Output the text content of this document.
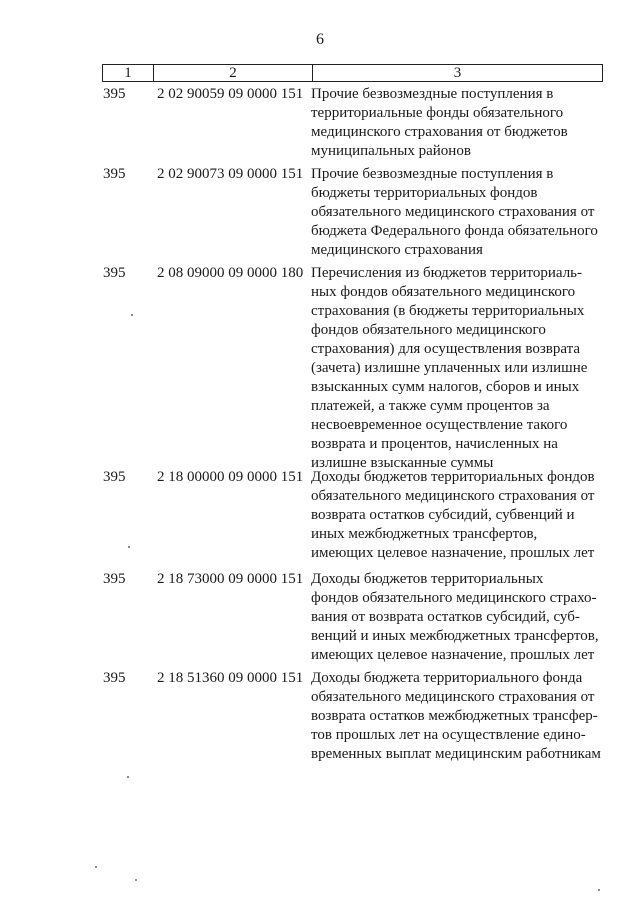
6
1	2	3
395 2 02 90059 09 0000 151 Прочие безвозмездные поступления в
территориальные фонды обязательного
медицинского страхования от бюджетов
муниципальных районов
395 2 02 90073 09 0000 151 Прочие безвозмездные поступления в
бюджеты территориальных фондов
обязательного медицинского страхования от
бюджета Федерального фонда обязательного
медицинского страхования
395 2 08 09000 09 0000 180 Перечисления из бюджетов территориаль-
ных фондов обязательного медицинского
страхования (в бюджеты территориальных
фондов обязательного медицинского
страхования) для осуществления возврата
(зачета) излишне уплаченных или излишне
взысканных сумм налогов, сборов и иных
платежей, а также сумм процентов за
несвоевременное осуществление такого
возврата и процентов, начисленных на
излишне взысканные суммы
395 2 18 00000 09 0000 151 Доходы бюджетов территориальных фондов
обязательного медицинского страхования от
возврата остатков субсидий, субвенций и
иных межбюджетных трансфертов,
имеющих целевое назначение, прошлых лет
395 2 18 73000 09 0000 151 Доходы бюджетов территориальных
фондов обязательного медицинского страхо-
вания от возврата остатков субсидий, суб-
венций и иных межбюджетных трансфертов,
имеющих целевое назначение, прошлых лет
395 2 18 51360 09 0000 151 Доходы бюджета территориального фонда
обязательного медицинского страхования от
возврата остатков межбюджетных трансфер-
тов прошлых лет на осуществление едино-
временных выплат медицинским работникам
